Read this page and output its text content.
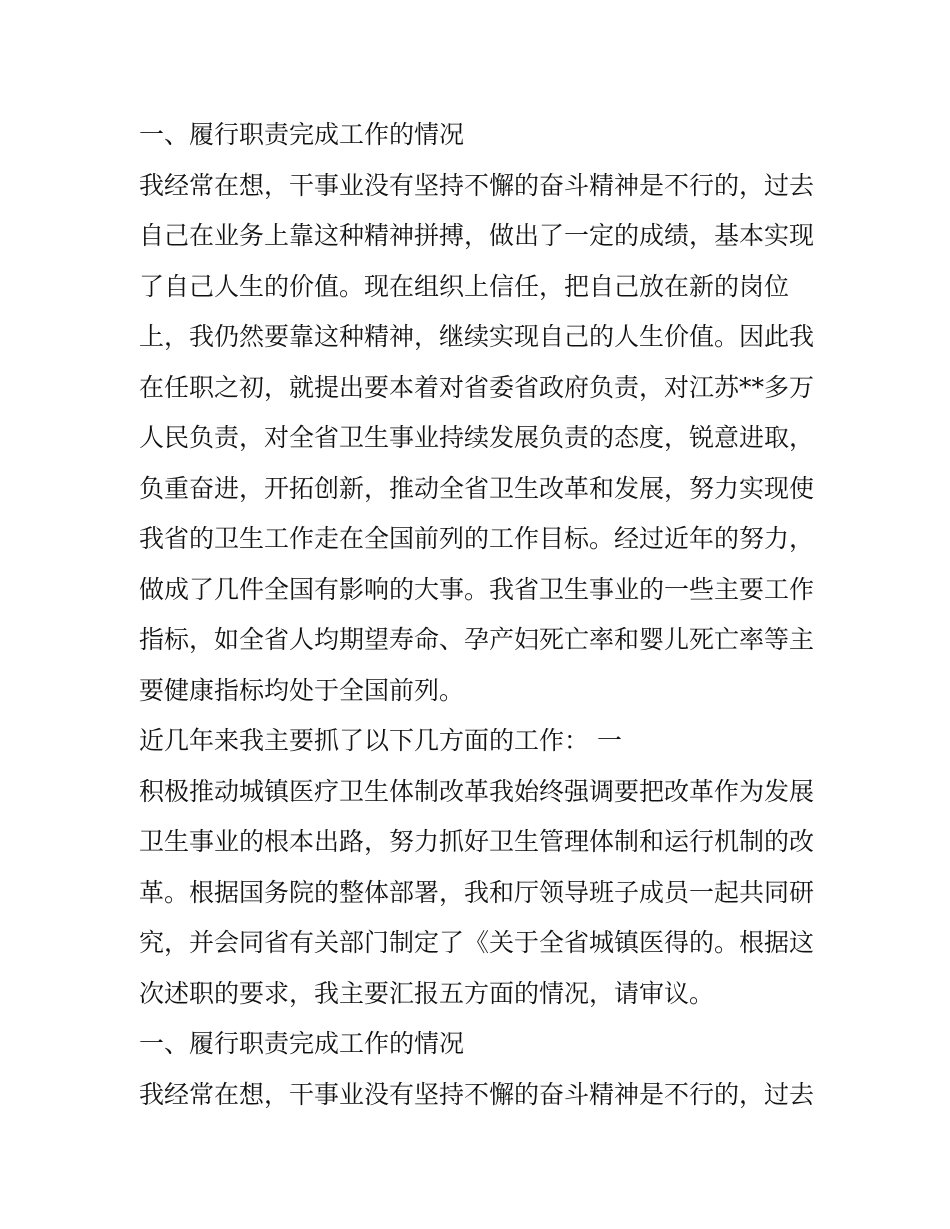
一、履行职责完成工作的情况
我经常在想，干事业没有坚持不懈的奋斗精神是不行的，过去
自己在业务上靠这种精神拼搏，做出了一定的成绩，基本实现
了自己人生的价值。现在组织上信任，把自己放在新的岗位
上，我仍然要靠这种精神，继续实现自己的人生价值。因此我
在任职之初，就提出要本着对省委省政府负责，对江苏**多万
人民负责，对全省卫生事业持续发展负责的态度，锐意进取，
负重奋进，开拓创新，推动全省卫生改革和发展，努力实现使
我省的卫生工作走在全国前列的工作目标。经过近年的努力，
做成了几件全国有影响的大事。我省卫生事业的一些主要工作
指标，如全省人均期望寿命、孕产妇死亡率和婴儿死亡率等主
要健康指标均处于全国前列。
近几年来我主要抓了以下几方面的工作： 一
积极推动城镇医疗卫生体制改革我始终强调要把改革作为发展
卫生事业的根本出路，努力抓好卫生管理体制和运行机制的改
革。根据国务院的整体部署，我和厅领导班子成员一起共同研
究，并会同省有关部门制定了《关于全省城镇医得的。根据这
次述职的要求，我主要汇报五方面的情况，请审议。
一、履行职责完成工作的情况
我经常在想，干事业没有坚持不懈的奋斗精神是不行的，过去
